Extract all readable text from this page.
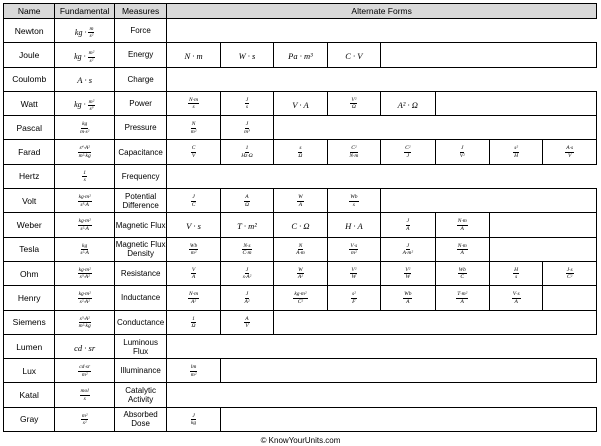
Name	Fundamental	Measures	Alternate Forms							
Newton	kg · $\frac{m}{\text{s²}}$	Force								
Joule	kg · $\frac{\text{m²}}{\text{s²}}$	Energy	N · m	W · s	Pa · m³	C · V				
Coulomb	A · s	Charge								
Watt	kg · $\frac{\text{m²}}{\text{s³}}$	Power	$\frac{N\cdot m}{s}$	$\frac{J}{s}$	V · A	$\frac{\text{V²}}{\Omega}$	A² · Ω			
Pascal	$\frac{kg}{\text{m·s²}}$	Pressure	$\frac{N}{\text{m²}}$	$\frac{J}{\text{m³}}$

Farad	$\frac{\text{s⁴·A²}}{\text{m²·kg}}$	Capacitance	$\frac{C}{V}$	$\frac{1}{Hz\cdot\Omega}$	$\frac{s}{\Omega}$	$\frac{\text{C²}}{N\cdot m}$	$\frac{\text{C²}}{J}$	$\frac{J}{\text{V²}}$	$\frac{\text{s²}}{H}$	$\frac{A\cdot s}{V}$

Hertz	$\frac{1}{s}$	Frequency								
Volt	$\frac{\text{kg·m²}}{\text{s³·A}}$	Potential Difference	$\frac{J}{C}$	$\frac{A}{\Omega}$	$\frac{W}{A}$	$\frac{Wb}{s}$

Weber	$\frac{\text{kg·m²}}{\text{s²·A}}$	Magnetic Flux	V · s	T · m²	C · Ω	H · A	$\frac{J}{A}$	$\frac{N\cdot m}{A}$

Tesla	$\frac{kg}{\text{s²·A}}$	Magnetic Flux Density	$\frac{Wb}{\text{m²}}$	$\frac{N\cdot s}{C\cdot m}$	$\frac{N}{A\cdot m}$	$\frac{V\cdot s}{\text{m²}}$	$\frac{J}{\text{A·m²}}$	$\frac{N\cdot m}{A}$

Ohm	$\frac{\text{kg·m²}}{\text{s³·A²}}$	Resistance	$\frac{V}{A}$	$\frac{J}{\text{s·A²}}$	$\frac{W}{\text{A²}}$	$\frac{\text{V²}}{W}$	$\frac{\text{V²}}{W}$	$\frac{Wb}{C}$	$\frac{H}{s}$	$\frac{J\cdot s}{\text{C²}}$

Henry	$\frac{\text{kg·m²}}{\text{s²·A²}}$	Inductance	$\frac{N\cdot m}{\text{A²}}$	$\frac{J}{\text{A²}}$	$\frac{\text{kg·m²}}{\text{C²}}$	$\frac{\text{s²}}{F}$	$\frac{Wb}{A}$	$\frac{\text{T·m²}}{A}$	$\frac{V\cdot s}{A}$

Siemens	$\frac{\text{s³·A²}}{\text{m²·kg}}$	Conductance	$\frac{1}{\Omega}$	$\frac{A}{V}$

Lumen	cd · sr	Luminous Flux								
Lux	$\frac{cd\cdot sr}{\text{m²}}$	Illuminance	$\frac{lm}{\text{m²}}$

Katal	$\frac{\text{mol}}{s}$	Catalytic Activity								
Gray	$\frac{\text{m²}}{\text{s²}}$	Absorbed Dose	$\frac{J}{kg}$

© KnowYourUnits.com
